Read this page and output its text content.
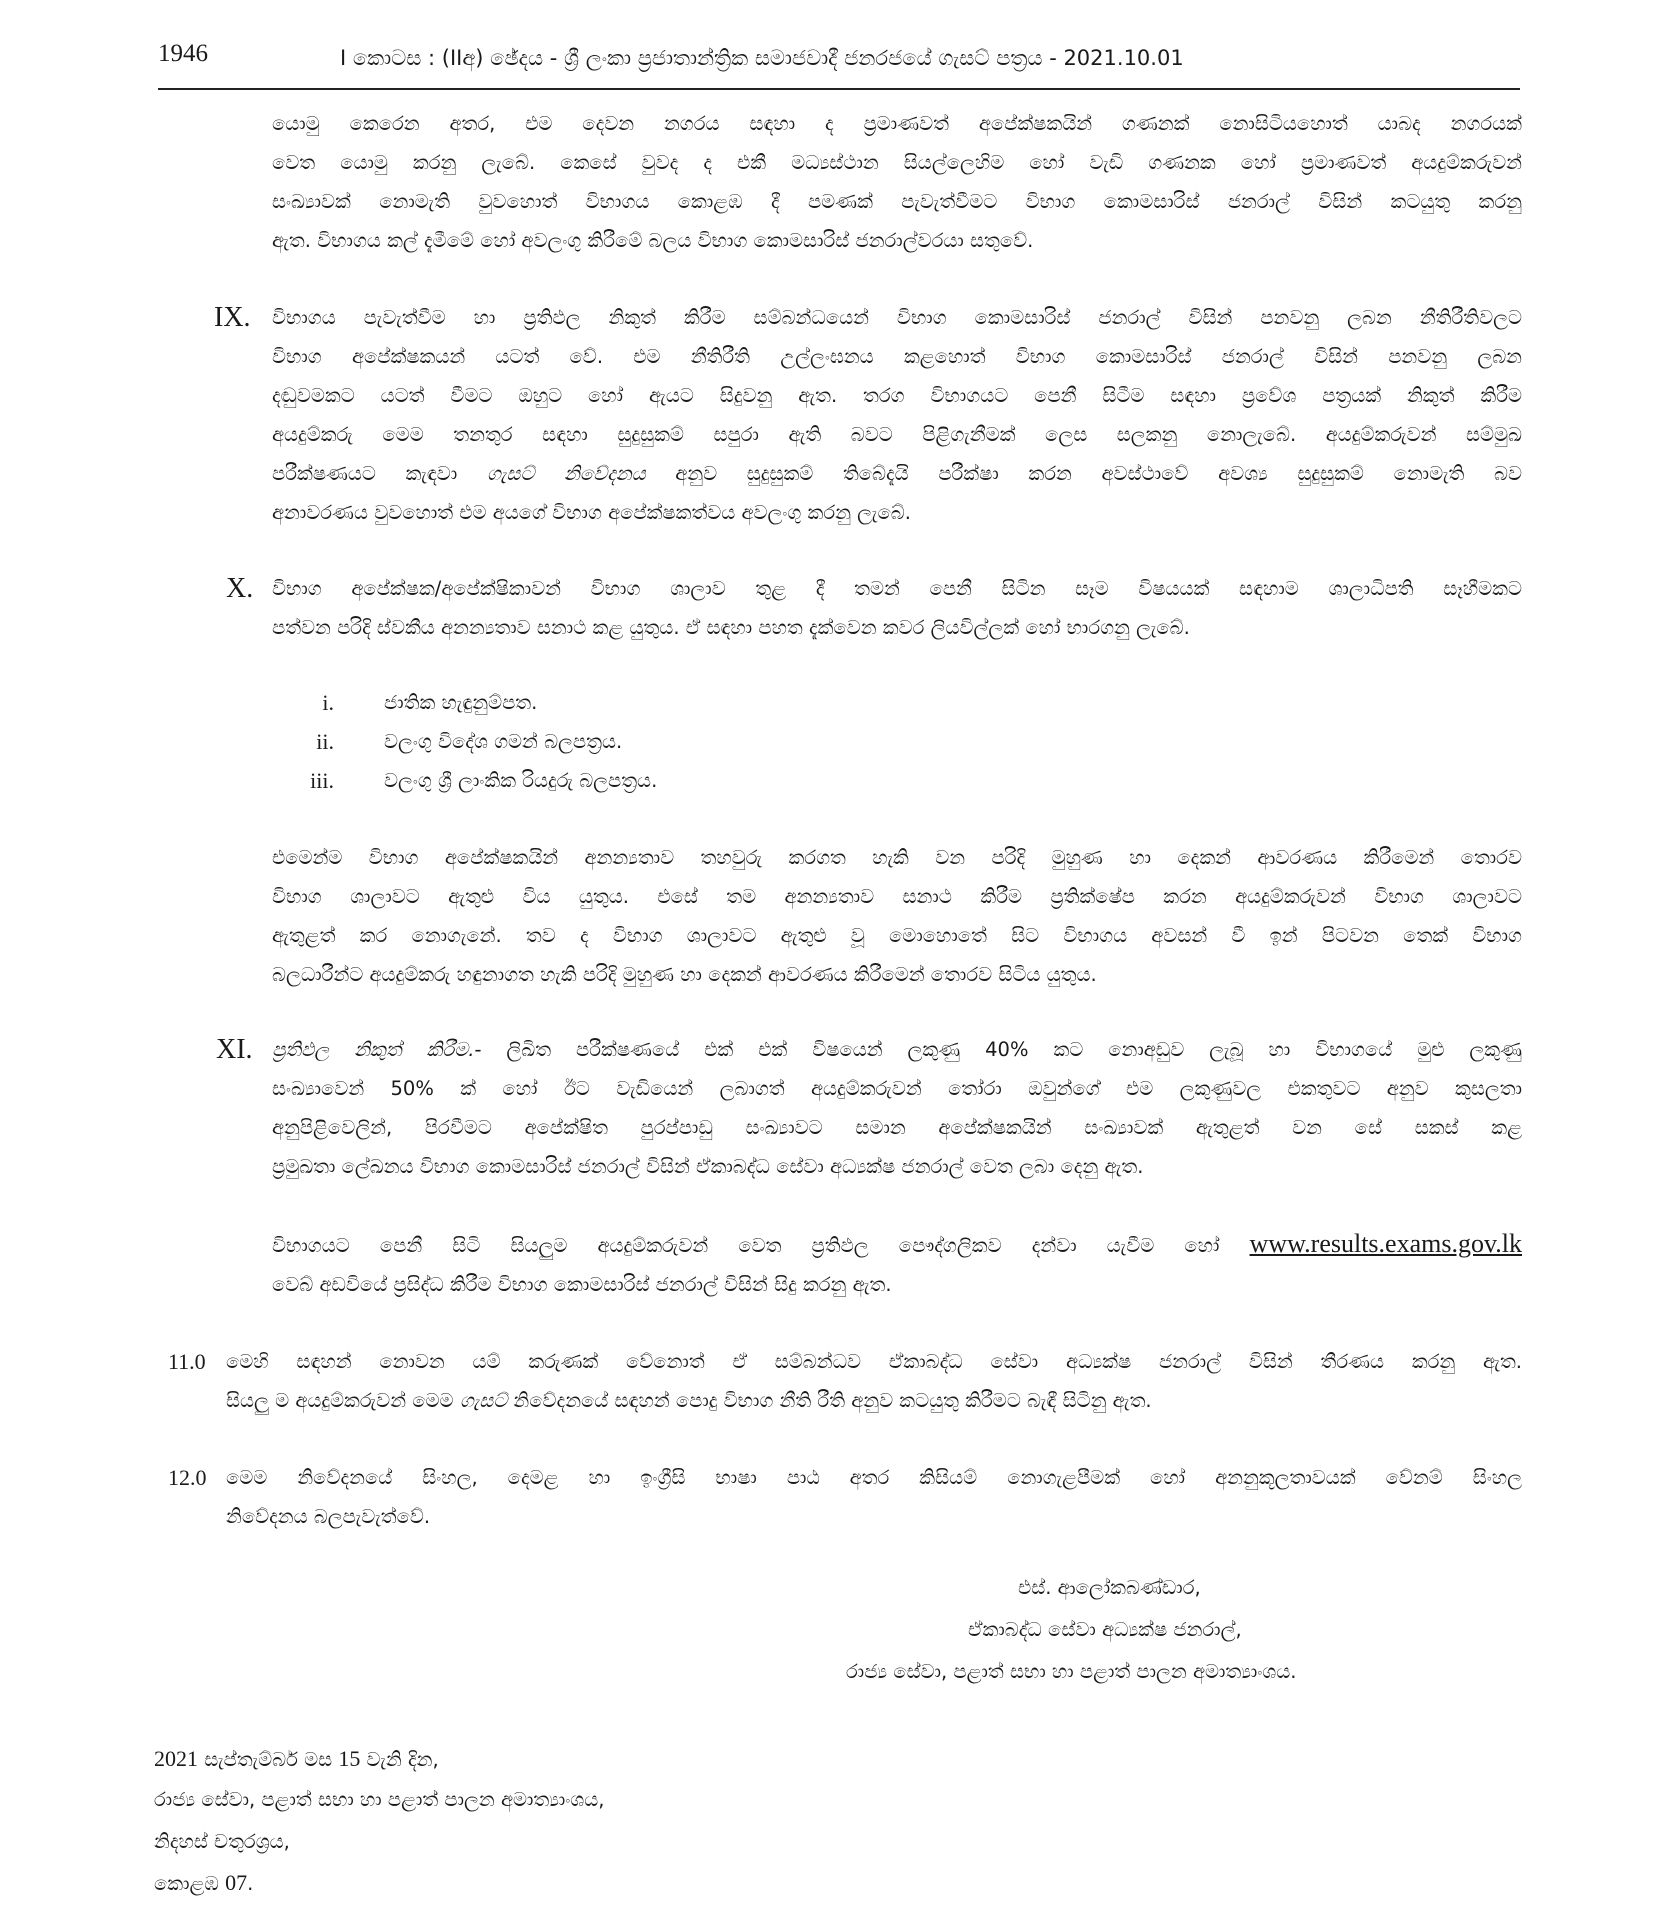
1946	I කොටස : (IIඅ) ඡේදය - ශ්‍රී ලංකා ප්‍රජාතාන්ත්‍රික සමාජවාදී ජනරජයේ ගැසට් පත්‍රය - 2021.10.01
යොමු කෙරෙන අතර, එම දෙවන නගරය සඳහා ද ප්‍රමාණවත් අපේක්ෂකයින් ගණනක් නොසිටියහොත් යාබද නගරයක්
වෙත යොමු කරනු ලැබේ. කෙසේ වුවද ද එකී මධ්‍යස්ථාන සියල්ලෙහිම හෝ වැඩි ගණනක හෝ ප්‍රමාණවත් අයදුම්කරුවන්
සංඛ්‍යාවක් නොමැති වුවහොත් විභාගය කොළඹ දී පමණක් පැවැත්වීමට විභාග කොමසාරිස් ජනරාල් විසින් කටයුතු කරනු
ඇත. විභාගය කල් දැමීමේ හෝ අවලංගු කිරීමේ බලය විභාග කොමසාරිස් ජනරාල්වරයා සතුවේ.
IX. විභාගය පැවැත්වීම හා ප්‍රතිඵල නිකුත් කිරීම සම්බන්ධයෙන් විභාග කොමසාරිස් ජනරාල් විසින් පනවනු ලබන නීතිරීතිවලට
විභාග අපේක්ෂකයන් යටත් වේ. එම නීතිරීති උල්ලංඝනය කළහොත් විභාග කොමසාරිස් ජනරාල් විසින් පනවනු ලබන
දඬුවමකට යටත් වීමට ඔහුට හෝ ඇයට සිදුවනු ඇත. තරග විභාගයට පෙනී සිටීම සඳහා ප්‍රවේශ පත්‍රයක් නිකුත් කිරීම
අයදුම්කරු මෙම තනතුර සඳහා සුදුසුකම් සපුරා ඇති බවට පිළිගැනීමක් ලෙස සලකනු නොලැබේ. අයදුම්කරුවන් සම්මුඛ
පරීක්ෂණයට කැඳවා ගැසට් නිවේදනය අනුව සුදුසුකම් තිබේදැයි පරීක්ෂා කරන අවස්ථාවේ අවශ්‍ය සුදුසුකම් නොමැති බව
අනාවරණය වුවහොත් එම අයගේ විභාග අපේක්ෂකත්වය අවලංගු කරනු ලැබේ.
X. විභාග අපේක්ෂක/අපේක්ෂිකාවන් විභාග ශාලාව තුළ දී තමන් පෙනී සිටින සෑම විෂයයක් සඳහාම ශාලාධිපති සෑහීමකට
පත්වන පරිදි ස්වකීය අනන්‍යතාව සනාථ කළ යුතුය. ඒ සඳහා පහත දැක්වෙන කවර ලියවිල්ලක් හෝ භාරගනු ලැබේ.
i.	ජාතික හැඳුනුම්පත.
ii.	වලංගු විදේශ ගමන් බලපත්‍රය.
iii.	වලංගු ශ්‍රී ලාංකික රියදුරු බලපත්‍රය.
එමෙන්ම විභාග අපේක්ෂකයින් අනන්‍යතාව තහවුරු කරගත හැකි වන පරිදි මුහුණ හා දෙකන් ආවරණය කිරීමෙන් තොරව
විභාග ශාලාවට ඇතුළු විය යුතුය. එසේ තම අනන්‍යතාව සනාථ කිරීම ප්‍රතික්ෂේප කරන අයදුම්කරුවන් විභාග ශාලාවට
ඇතුළත් කර නොගැනේ. තව ද විභාග ශාලාවට ඇතුළු වූ මොහොතේ සිට විභාගය අවසන් වී ඉන් පිටවන තෙක් විභාග
බලධාරීන්ට අයදුම්කරු හඳුනාගත හැකි පරිදි මුහුණ හා දෙකන් ආවරණය කිරීමෙන් තොරව සිටිය යුතුය.
XI. ප්‍රතිඵල නිකුත් කිරීම.- ලිඛිත පරීක්ෂණයේ එක් එක් විෂයෙන් ලකුණු 40% කට නොඅඩුව ලැබූ හා විභාගයේ මුළු ලකුණු
සංඛ්‍යාවෙන් 50% ක් හෝ ඊට වැඩියෙන් ලබාගත් අයදුම්කරුවන් තෝරා ඔවුන්ගේ එම ලකුණුවල එකතුවට අනුව කුසලතා
අනුපිළිවෙලින්, පිරවීමට අපේක්ෂිත පුරප්පාඩු සංඛ්‍යාවට සමාන අපේක්ෂකයින් සංඛ්‍යාවක් ඇතුළත් වන සේ සකස් කළ
ප්‍රමුඛතා ලේඛනය විභාග කොමසාරිස් ජනරාල් විසින් ඒකාබද්ධ සේවා අධ්‍යක්ෂ ජනරාල් වෙත ලබා දෙනු ඇත.
විභාගයට පෙනී සිටි සියලුම අයදුම්කරුවන් වෙත ප්‍රතිඵල පෞද්ගලිකව දන්වා යැවීම හෝ www.results.exams.gov.lk
වෙබ් අඩවියේ ප්‍රසිද්ධ කිරීම විභාග කොමසාරිස් ජනරාල් විසින් සිදු කරනු ඇත.
11.0 මෙහි සඳහන් නොවන යම් කරුණක් වේනොත් ඒ සම්බන්ධව ඒකාබද්ධ සේවා අධ්‍යක්ෂ ජනරාල් විසින් තීරණය කරනු ඇත.
සියලු ම අයදුම්කරුවන් මෙම ගැසට් නිවේදනයේ සඳහන් පොදු විභාග නීති රීති අනුව කටයුතු කිරීමට බැඳී සිටිනු ඇත.
12.0 මෙම නිවේදනයේ සිංහල, දෙමළ හා ඉංග්‍රීසි භාෂා පාඨ අතර කිසියම් නොගැළපීමක් හෝ අනනුකූලතාවයක් වේනම් සිංහල
නිවේදනය බලපැවැත්වේ.
එස්. ආලෝකබණ්ඩාර,
ඒකාබද්ධ සේවා අධ්‍යක්ෂ ජනරාල්,
රාජ්‍ය සේවා, පළාත් සභා හා පළාත් පාලන අමාත්‍යාංශය.
2021 සැප්තැම්බර් මස 15 වැනි දින,
රාජ්‍ය සේවා, පළාත් සභා හා පළාත් පාලන අමාත්‍යාංශය,
නිදහස් චතුරශ්‍රය,
කොළඹ 07.
